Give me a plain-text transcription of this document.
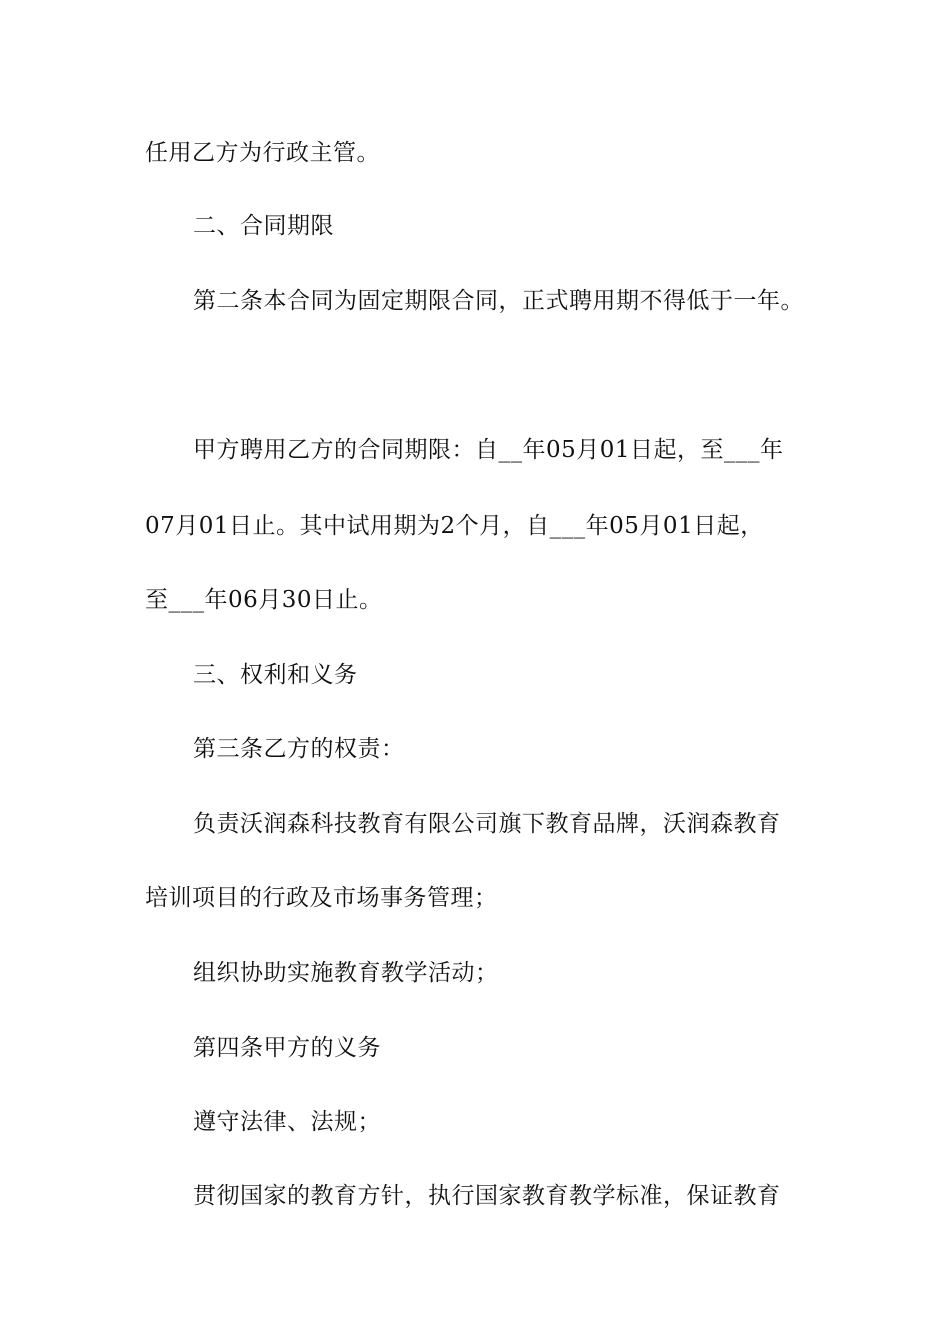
任用乙方为行政主管。
二、合同期限
第二条本合同为固定期限合同，正式聘用期不得低于一年。
甲方聘用乙方的合同期限：自__年05月01日起，至___年
07月01日止。其中试用期为2个月，自___年05月01日起，
至___年06月30日止。
三、权利和义务
第三条乙方的权责：
负责沃润森科技教育有限公司旗下教育品牌，沃润森教育
培训项目的行政及市场事务管理；
组织协助实施教育教学活动；
第四条甲方的义务
遵守法律、法规；
贯彻国家的教育方针，执行国家教育教学标准，保证教育
